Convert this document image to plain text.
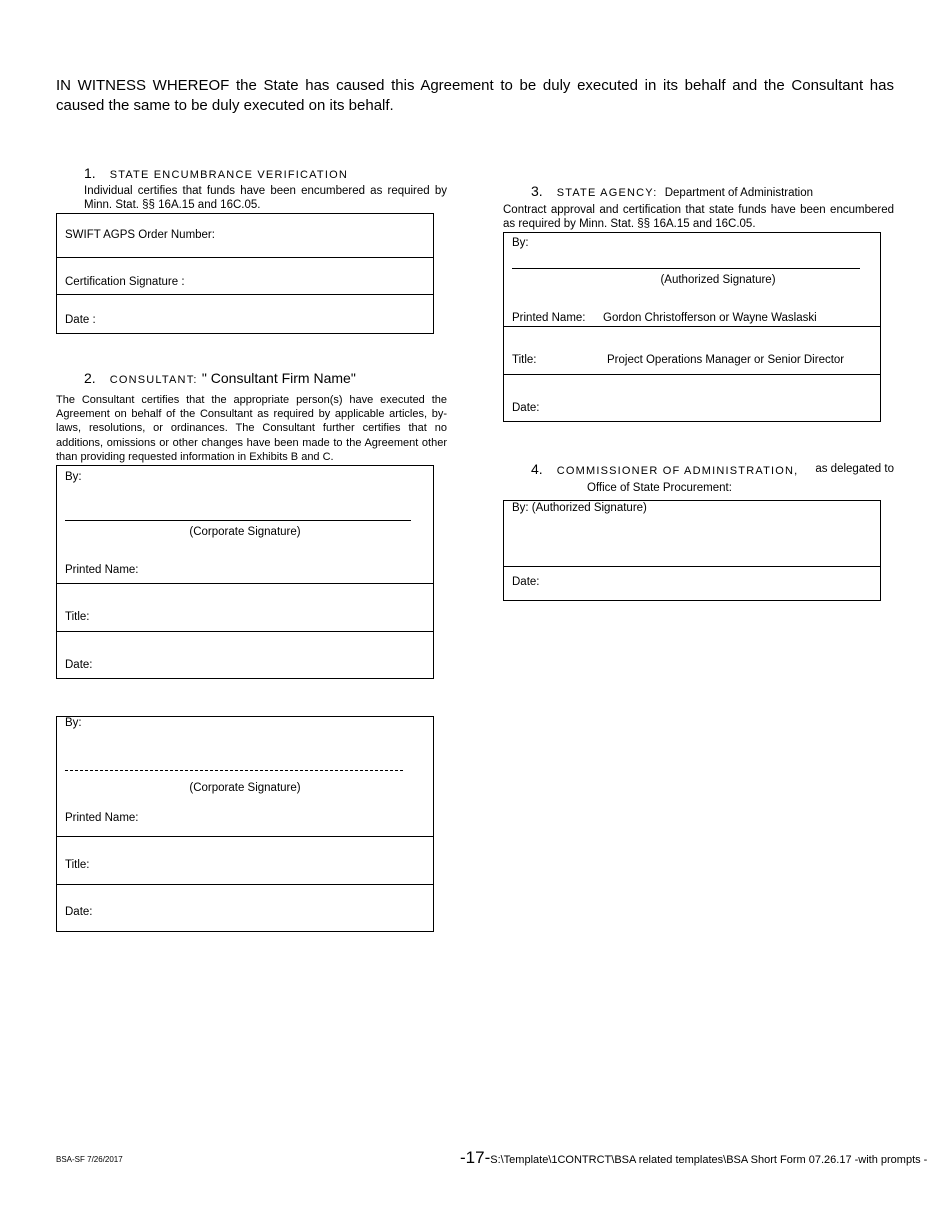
IN WITNESS WHEREOF the State has caused this Agreement to be duly executed in its behalf and the Consultant has caused the same to be duly executed on its behalf.
1. STATE ENCUMBRANCE VERIFICATION
Individual certifies that funds have been encumbered as required by Minn. Stat. §§ 16A.15 and 16C.05.
SWIFT AGPS Order Number:
Certification Signature :
Date :
2. CONSULTANT: " Consultant Firm Name"
The Consultant certifies that the appropriate person(s) have executed the Agreement on behalf of the Consultant as required by applicable articles, by-laws, resolutions, or ordinances. The Consultant further certifies that no additions, omissions or other changes have been made to the Agreement other than providing requested information in Exhibits B and C.
By:
(Corporate Signature)
Printed Name:
Title:
Date:
By:
(Corporate Signature)
Printed Name:
Title:
Date:
3. STATE AGENCY: Department of Administration
Contract approval and certification that state funds have been encumbered as required by Minn. Stat. §§ 16A.15 and 16C.05.
By:
(Authorized Signature)
Printed Name: Gordon Christofferson or Wayne Waslaski
Title:	Project Operations Manager or Senior Director
Date:
4. COMMISSIONER OF ADMINISTRATION, as delegated to
Office of State Procurement:
By: (Authorized Signature)
Date:
BSA-SF 7/26/2017	-17-S:\Template\1CONTRCT\BSA related templates\BSA Short Form 07.26.17 -with prompts -
